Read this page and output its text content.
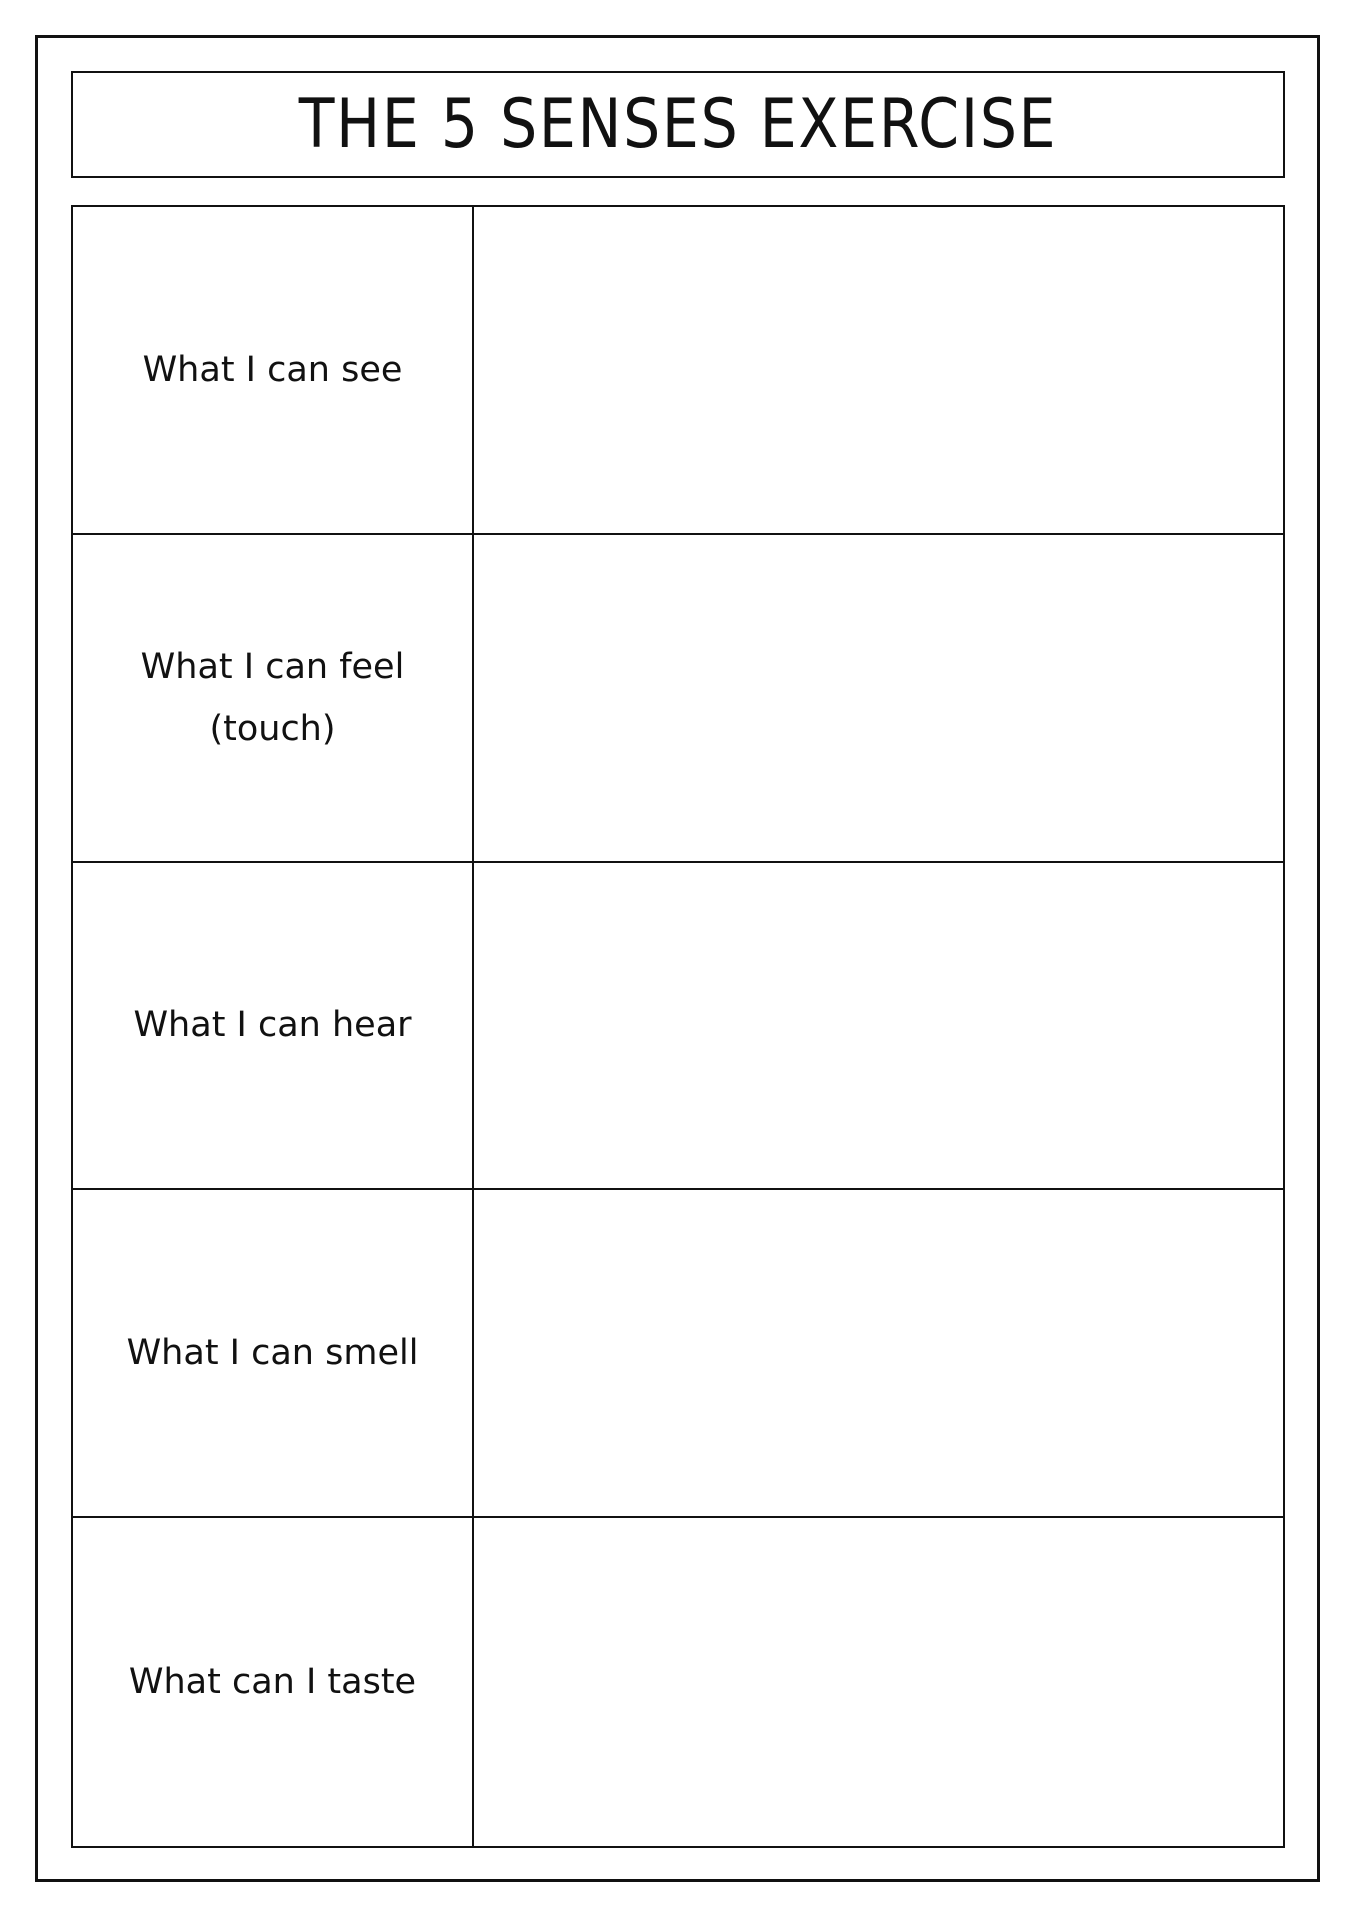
THE 5 SENSES EXERCISE
What I can see
What I can feel
(touch)
What I can hear
What I can smell
What can I taste
